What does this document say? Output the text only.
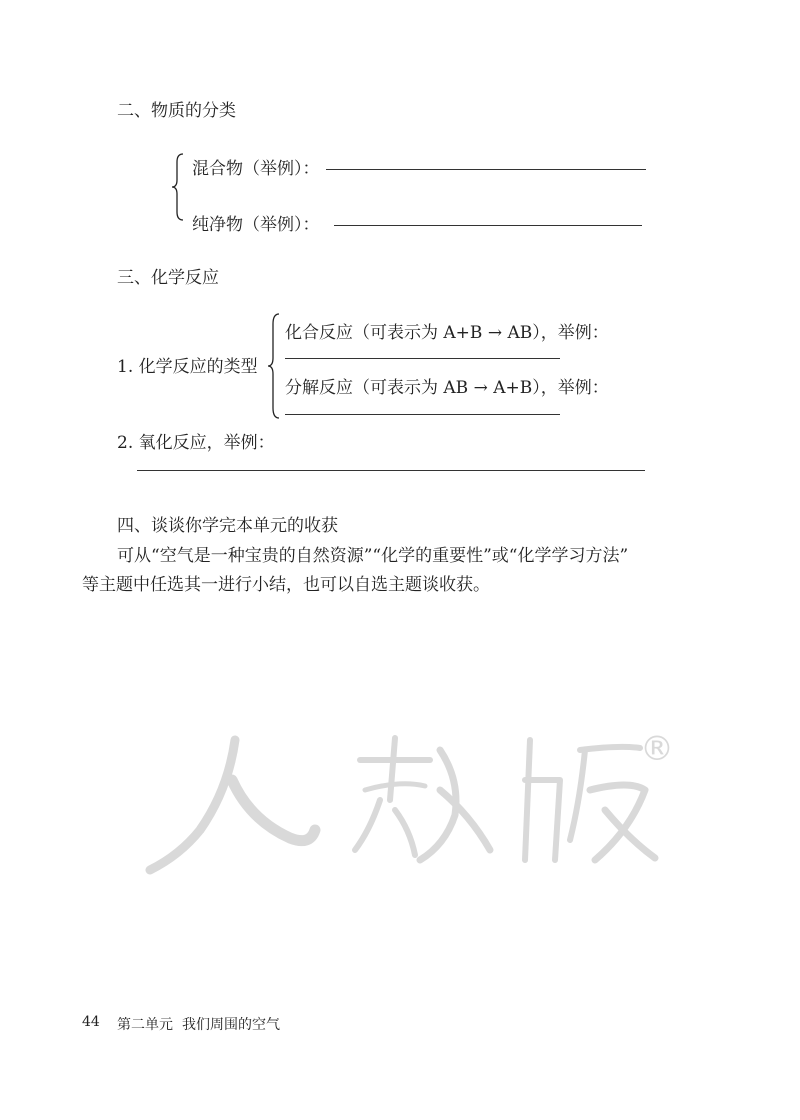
二、物质的分类
混合物（举例）：
纯净物（举例）：
三、化学反应
1. 化学反应的类型
化合反应（可表示为 A+B → AB），举例：
分解反应（可表示为 AB → A+B），举例：
2. 氧化反应，举例：
四、谈谈你学完本单元的收获
可从“空气是一种宝贵的自然资源”“化学的重要性”或“化学学习方法”
等主题中任选其一进行小结，也可以自选主题谈收获。
®
44 第二单元 我们周围的空气
